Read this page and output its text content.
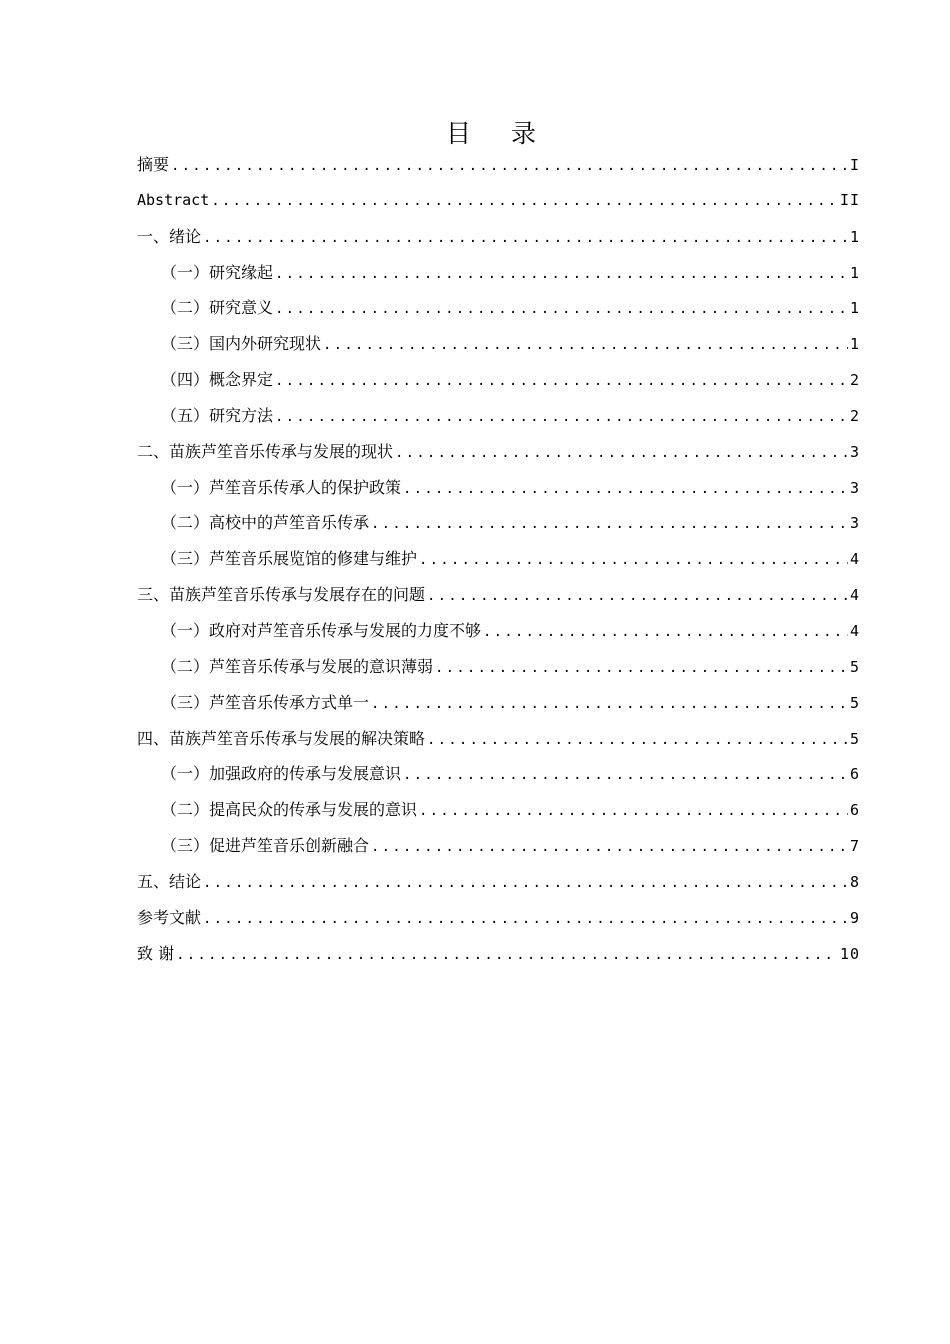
目 录
摘要 .....	I
Abstract .....	II
一、绪论 .....	1
（一）研究缘起 .....	1
（二）研究意义 .....	1
（三）国内外研究现状 .....	1
（四）概念界定 .....	2
（五）研究方法 .....	2
二、苗族芦笙音乐传承与发展的现状 .....	3
（一）芦笙音乐传承人的保护政策 .....	3
（二）高校中的芦笙音乐传承 .....	3
（三）芦笙音乐展览馆的修建与维护 .....	4
三、苗族芦笙音乐传承与发展存在的问题 .....	4
（一）政府对芦笙音乐传承与发展的力度不够 .....	4
（二）芦笙音乐传承与发展的意识薄弱 .....	5
（三）芦笙音乐传承方式单一 .....	5
四、苗族芦笙音乐传承与发展的解决策略 .....	5
（一）加强政府的传承与发展意识 .....	6
（二）提高民众的传承与发展的意识 .....	6
（三）促进芦笙音乐创新融合 .....	7
五、结论 .....	8
参考文献 .....	9
致 谢 .....	10
